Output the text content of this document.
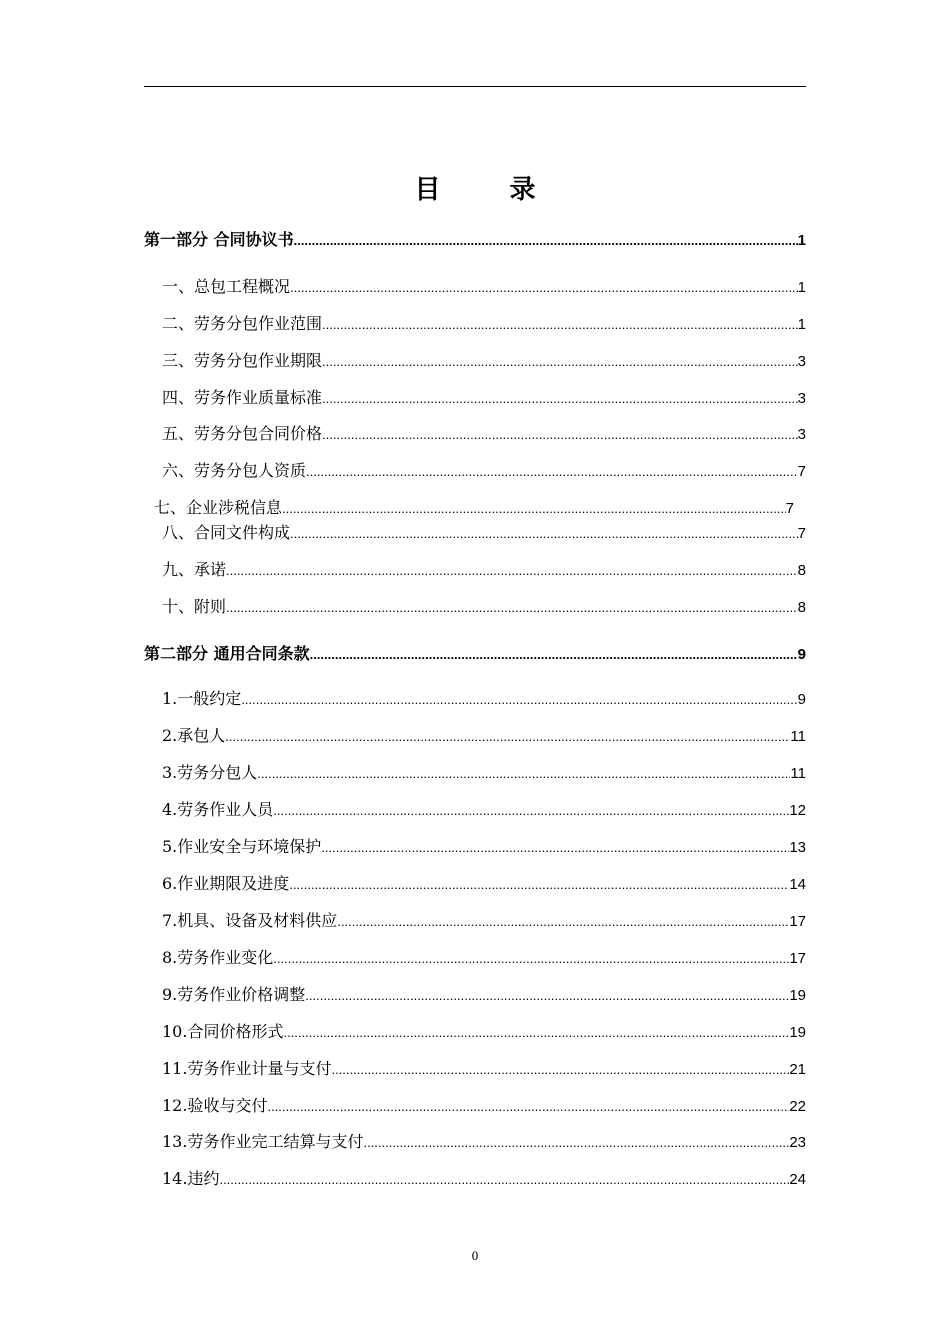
目 录
第一部分 合同协议书 .....	1
一、总包工程概况 .....	1
二、劳务分包作业范围 .....	1
三、劳务分包作业期限 .....	3
四、劳务作业质量标准 .....	3
五、劳务分包合同价格 .....	3
六、劳务分包人资质 .....	7
七、企业涉税信息 .....	7
八、合同文件构成 .....	7
九、承诺 .....	8
十、附则 .....	8
第二部分 通用合同条款 .....	9
1.一般约定 .....	9
2.承包人 .....	11
3.劳务分包人 .....	11
4.劳务作业人员 .....	12
5.作业安全与环境保护 .....	13
6.作业期限及进度 .....	14
7.机具、设备及材料供应 .....	17
8.劳务作业变化 .....	17
9.劳务作业价格调整 .....	19
10.合同价格形式 .....	19
11.劳务作业计量与支付 .....	21
12.验收与交付 .....	22
13.劳务作业完工结算与支付 .....	23
14.违约 .....	24
0
